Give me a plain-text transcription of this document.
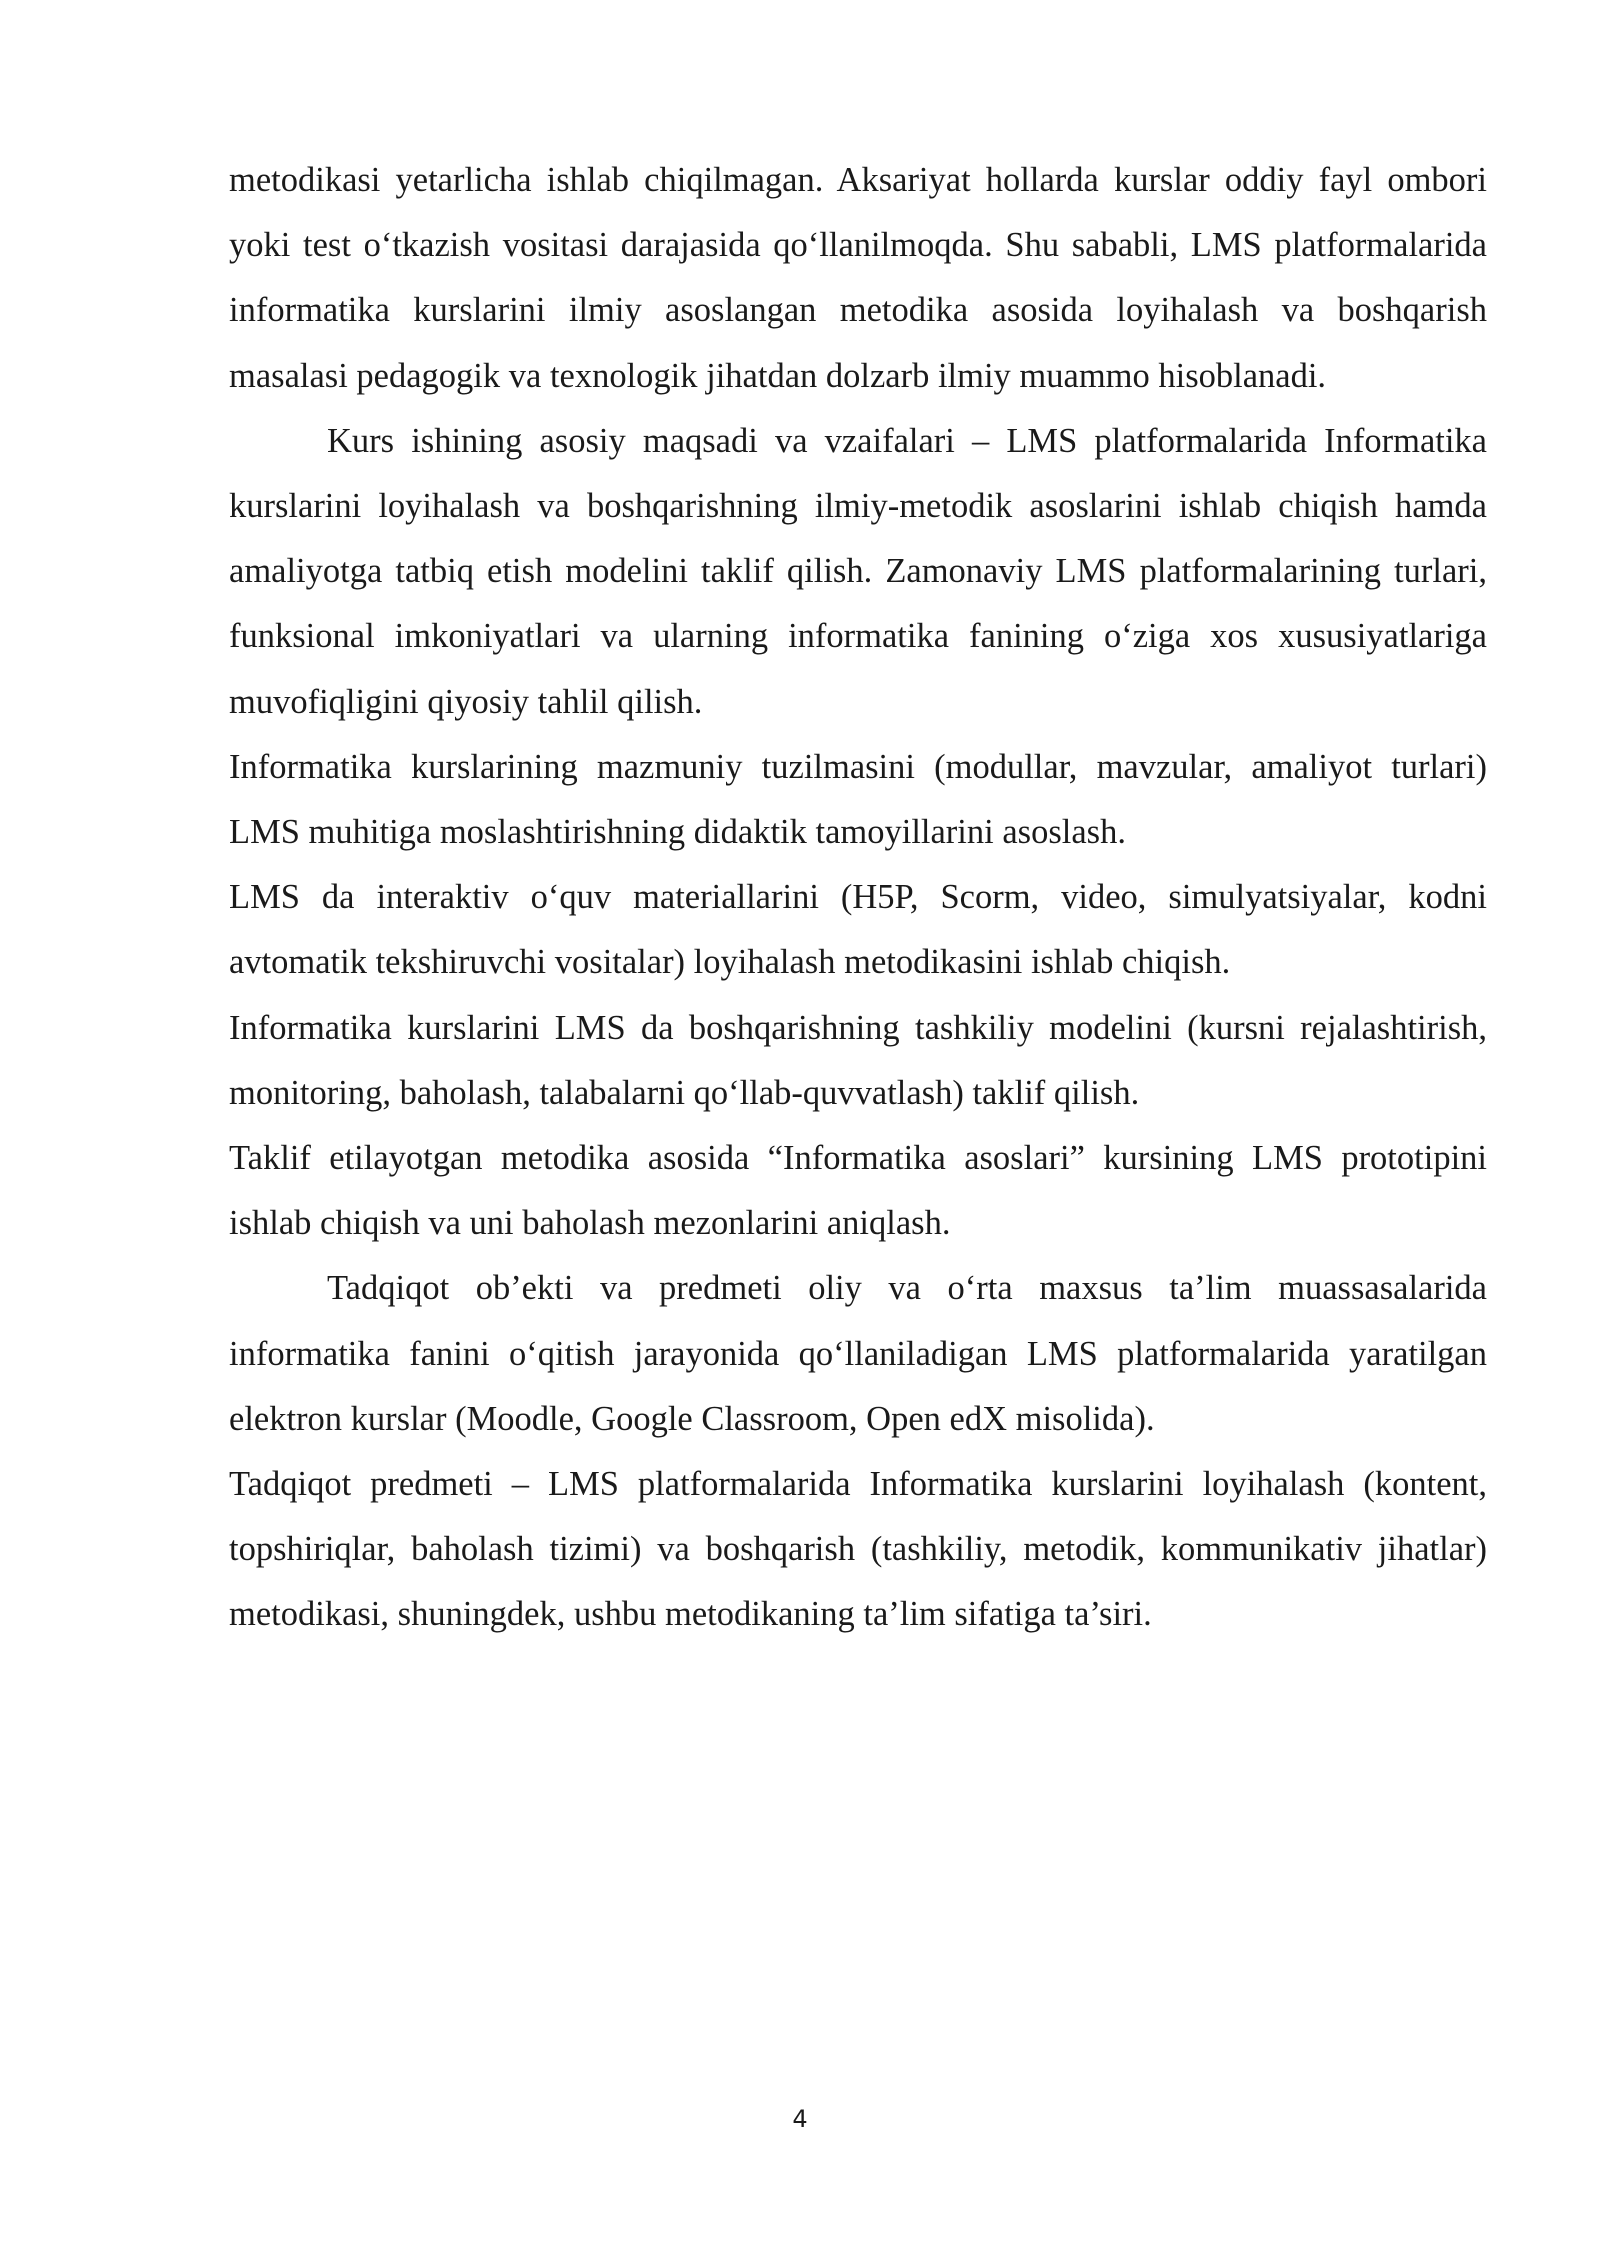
metodikasi yetarlicha ishlab chiqilmagan. Aksariyat hollarda kurslar oddiy fayl ombori yoki test o‘tkazish vositasi darajasida qo‘llanilmoqda. Shu sababli, LMS platformalarida informatika kurslarini ilmiy asoslangan metodika asosida loyihalash va boshqarish masalasi pedagogik va texnologik jihatdan dolzarb ilmiy muammo hisoblanadi.

Kurs ishining asosiy maqsadi va vzaifalari – LMS platformalarida Informatika kurslarini loyihalash va boshqarishning ilmiy-metodik asoslarini ishlab chiqish hamda amaliyotga tatbiq etish modelini taklif qilish. Zamonaviy LMS platformalarining turlari, funksional imkoniyatlari va ularning informatika fanining o‘ziga xos xususiyatlariga muvofiqligini qiyosiy tahlil qilish.

Informatika kurslarining mazmuniy tuzilmasini (modullar, mavzular, amaliyot turlari) LMS muhitiga moslashtirishning didaktik tamoyillarini asoslash.

LMS da interaktiv o‘quv materiallarini (H5P, Scorm, video, simulyatsiyalar, kodni avtomatik tekshiruvchi vositalar) loyihalash metodikasini ishlab chiqish.

Informatika kurslarini LMS da boshqarishning tashkiliy modelini (kursni rejalashtirish, monitoring, baholash, talabalarni qo‘llab-quvvatlash) taklif qilish.

Taklif etilayotgan metodika asosida “Informatika asoslari” kursining LMS prototipini ishlab chiqish va uni baholash mezonlarini aniqlash.

Tadqiqot ob’ekti va predmeti oliy va o‘rta maxsus ta’lim muassasalarida informatika fanini o‘qitish jarayonida qo‘llaniladigan LMS platformalarida yaratilgan elektron kurslar (Moodle, Google Classroom, Open edX misolida).

Tadqiqot predmeti – LMS platformalarida Informatika kurslarini loyihalash (kontent, topshiriqlar, baholash tizimi) va boshqarish (tashkiliy, metodik, kommunikativ jihatlar) metodikasi, shuningdek, ushbu metodikaning ta’lim sifatiga ta’siri.

4
